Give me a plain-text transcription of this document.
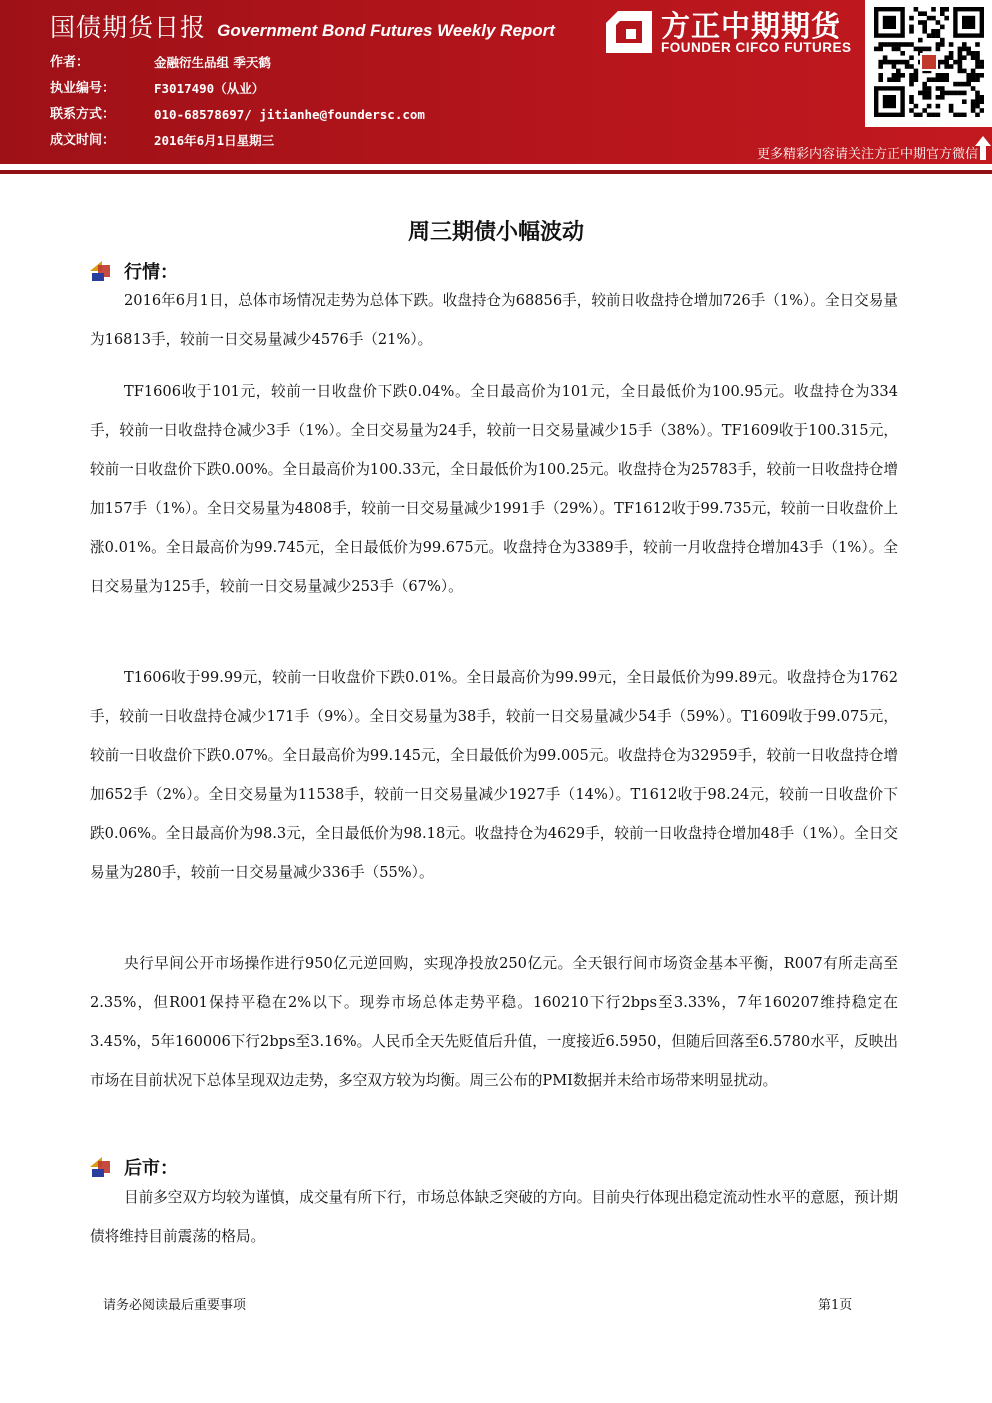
国债期货日报 Government Bond Futures Weekly Report
作者：	金融衍生品组 季天鹤
执业编号：	F3017490（从业）
联系方式：	010-68578697/ jitianhe@foundersc.com
成文时间：	2016年6月1日星期三
方正中期期货
FOUNDER CIFCO FUTURES
更多精彩内容请关注方正中期官方微信
周三期债小幅波动
行情：

2016年6月1日，总体市场情况走势为总体下跌。收盘持仓为68856手，较前日收盘持仓增加726手（1%）。全日交易量为16813手，较前一日交易量减少4576手（21%）。

TF1606收于101元，较前一日收盘价下跌0.04%。全日最高价为101元，全日最低价为100.95元。收盘持仓为334手，较前一日收盘持仓减少3手（1%）。全日交易量为24手，较前一日交易量减少15手（38%）。TF1609收于100.315元，较前一日收盘价下跌0.00%。全日最高价为100.33元，全日最低价为100.25元。收盘持仓为25783手，较前一日收盘持仓增加157手（1%）。全日交易量为4808手，较前一日交易量减少1991手（29%）。TF1612收于99.735元，较前一日收盘价上涨0.01%。全日最高价为99.745元，全日最低价为99.675元。收盘持仓为3389手，较前一月收盘持仓增加43手（1%）。全日交易量为125手，较前一日交易量减少253手（67%）。

T1606收于99.99元，较前一日收盘价下跌0.01%。全日最高价为99.99元，全日最低价为99.89元。收盘持仓为1762手，较前一日收盘持仓减少171手（9%）。全日交易量为38手，较前一日交易量减少54手（59%）。T1609收于99.075元，较前一日收盘价下跌0.07%。全日最高价为99.145元，全日最低价为99.005元。收盘持仓为32959手，较前一日收盘持仓增加652手（2%）。全日交易量为11538手，较前一日交易量减少1927手（14%）。T1612收于98.24元，较前一日收盘价下跌0.06%。全日最高价为98.3元，全日最低价为98.18元。收盘持仓为4629手，较前一日收盘持仓增加48手（1%）。全日交易量为280手，较前一日交易量减少336手（55%）。

央行早间公开市场操作进行950亿元逆回购，实现净投放250亿元。全天银行间市场资金基本平衡，R007有所走高至2.35%，但R001保持平稳在2%以下。现券市场总体走势平稳。160210下行2bps至3.33%，7年160207维持稳定在3.45%，5年160006下行2bps至3.16%。人民币全天先贬值后升值，一度接近6.5950，但随后回落至6.5780水平，反映出市场在目前状况下总体呈现双边走势，多空双方较为均衡。周三公布的PMI数据并未给市场带来明显扰动。

后市：

目前多空双方均较为谨慎，成交量有所下行，市场总体缺乏突破的方向。目前央行体现出稳定流动性水平的意愿，预计期债将维持目前震荡的格局。

请务必阅读最后重要事项	第1页
